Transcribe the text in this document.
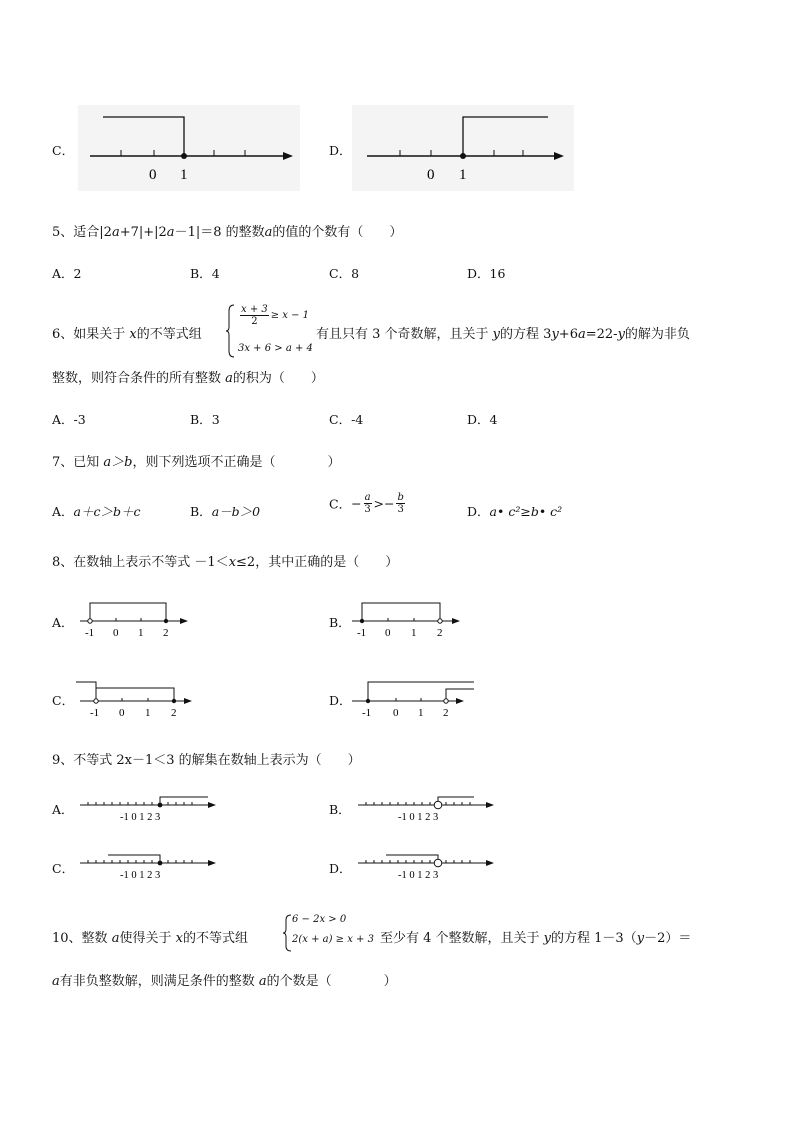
C．
0 1
D．
0 1
5、适合|2a+7|+|2a－1|＝8 的整数a的值的个数有（　　）
A．2	B．4	C．8	D．16
6、如果关于 x的不等式组
$\frac{x + 3}{2} \ge x - 1$
3x + 6 > a + 4
有且只有 3 个奇数解，且关于 y的方程 3y+6a=22-y的解为非负
整数，则符合条件的所有整数 a的积为（　　）
A．-3	B．3	C．-4	D．4
7、已知 a＞b，则下列选项不正确是（　　　　）
A．a＋c＞b＋c	B．a－b＞0	C．− $\frac{a}{3} >- \frac{b}{3}$	D．a• c²≥b• c²
8、在数轴上表示不等式 －1＜x≤2，其中正确的是（　　）
A．
-1 0 1 2
B．
-1 0 1 2
C．
-1 0 1 2
D．
-1 0 1 2
9、不等式 2x－1＜3 的解集在数轴上表示为（　　）
A．
-1 0 1 2 3
B．
-1 0 1 2 3
C．	-1 0 1 2 3	D．	-1 0 1 2 3
10、整数 a使得关于 x的不等式组
6 − 2x > 0
2(x + a) ≥ x + 3 至少有 4 个整数解，且关于 y的方程 1－3（y－2）＝
a有非负整数解，则满足条件的整数 a的个数是（　　　　）
